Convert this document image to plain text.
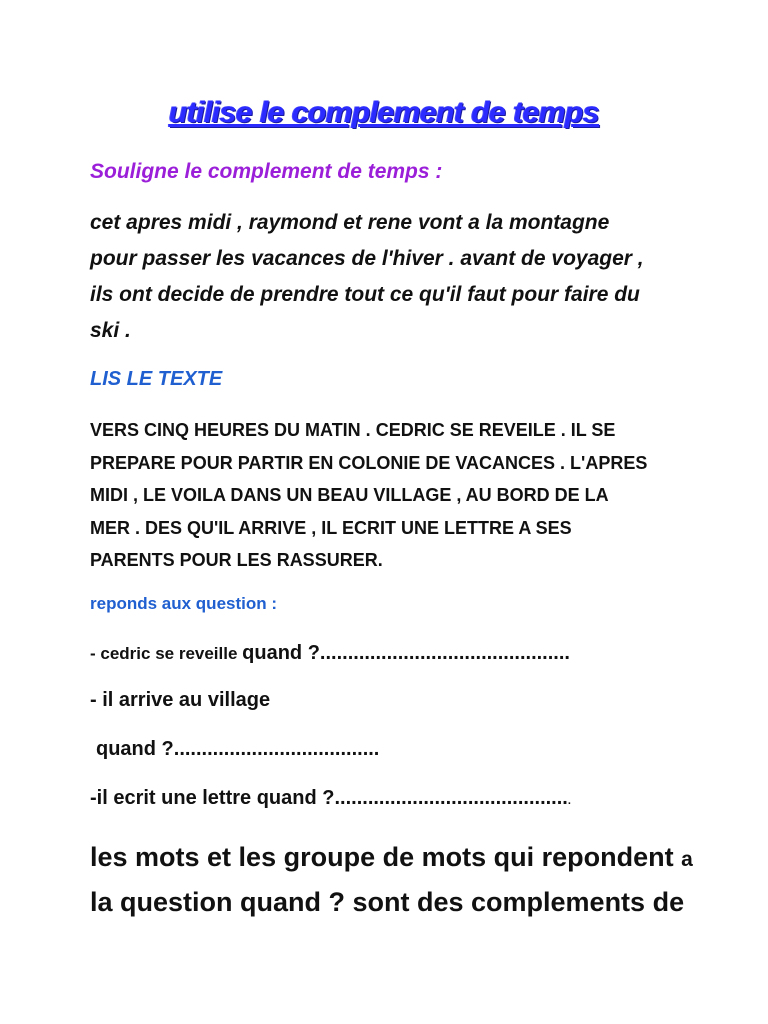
utilise le complement de temps
Souligne le complement de temps :
cet apres midi , raymond et rene vont a la montagne
pour passer les vacances de l'hiver . avant de voyager ,
ils ont decide de prendre tout ce qu'il faut pour faire du
ski .
LIS LE TEXTE
VERS CINQ HEURES DU MATIN . CEDRIC SE REVEILE . IL SE
PREPARE POUR PARTIR EN COLONIE DE VACANCES . L'APRES
MIDI , LE VOILA DANS UN BEAU VILLAGE , AU BORD DE LA
MER . DES QU'IL ARRIVE , IL ECRIT UNE LETTRE A SES
PARENTS POUR LES RASSURER.
reponds aux question :
- cedric se reveille quand ?.............................................
- il arrive au village
quand ?.....................................
-il ecrit une lettre quand ?...........................................
les mots et les groupe de mots qui repondent a
la question quand ? sont des complements de
